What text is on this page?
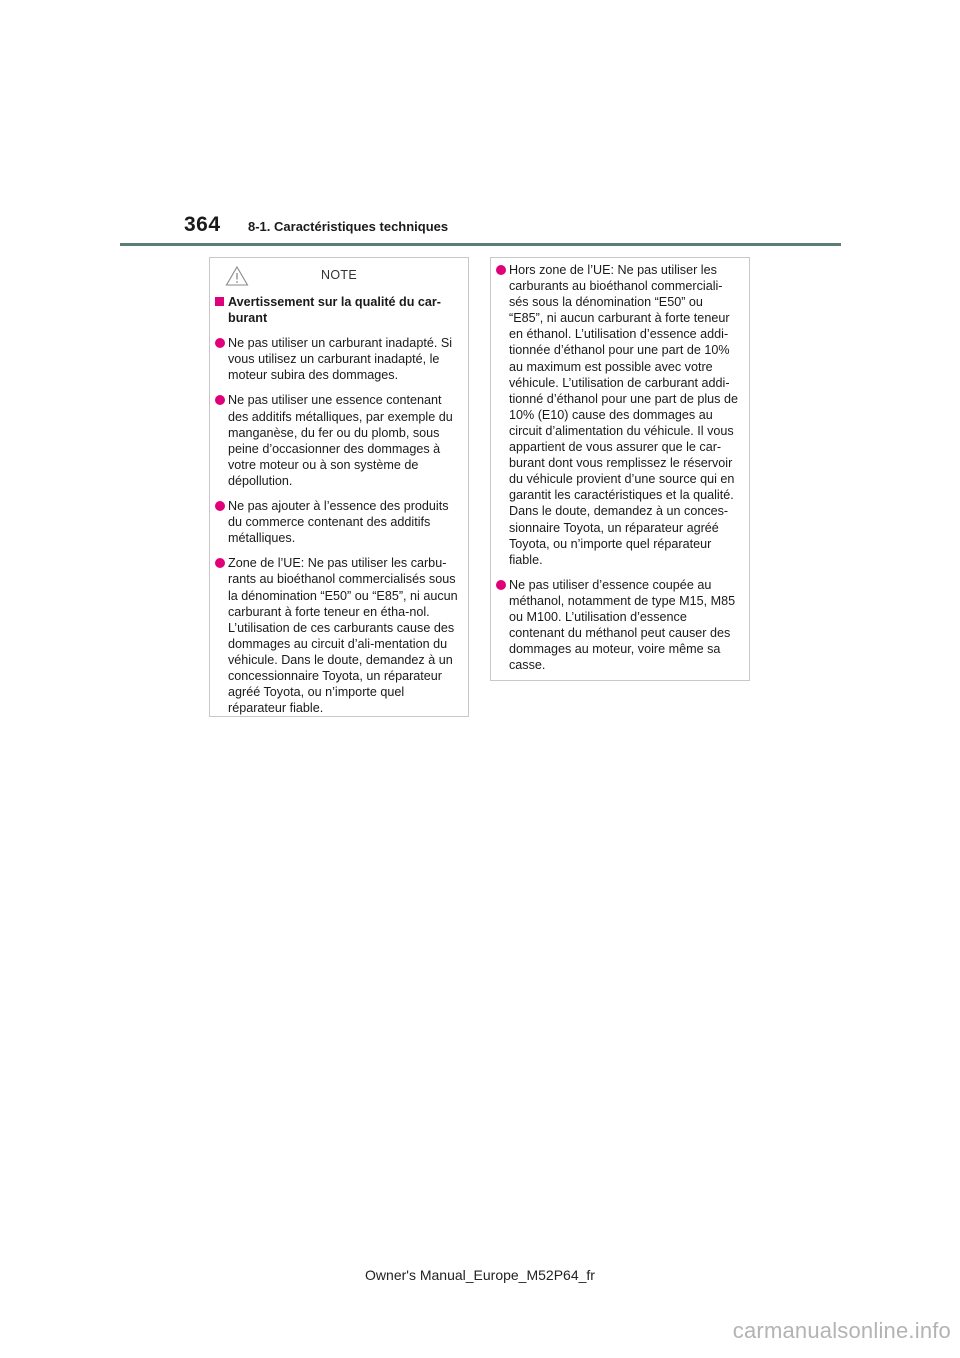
364 8-1. Caractéristiques techniques
NOTE
Avertissement sur la qualité du car-burant
Ne pas utiliser un carburant inadapté. Si vous utilisez un carburant inadapté, le moteur subira des dommages.
Ne pas utiliser une essence contenant des additifs métalliques, par exemple du manganèse, du fer ou du plomb, sous peine d’occasionner des dommages à votre moteur ou à son système de dépollution.
Ne pas ajouter à l’essence des produits du commerce contenant des additifs métalliques.
Zone de l’UE: Ne pas utiliser les carbu-rants au bioéthanol commercialisés sous la dénomination “E50” ou “E85”, ni aucun carburant à forte teneur en étha-nol. L’utilisation de ces carburants cause des dommages au circuit d’ali-mentation du véhicule. Dans le doute, demandez à un concessionnaire Toyota, un réparateur agréé Toyota, ou n’importe quel réparateur fiable.
Hors zone de l’UE: Ne pas utiliser les carburants au bioéthanol commerciali-sés sous la dénomination “E50” ou “E85”, ni aucun carburant à forte teneur en éthanol. L’utilisation d’essence addi-tionnée d’éthanol pour une part de 10% au maximum est possible avec votre véhicule. L’utilisation de carburant addi-tionné d’éthanol pour une part de plus de 10% (E10) cause des dommages au circuit d’alimentation du véhicule. Il vous appartient de vous assurer que le car-burant dont vous remplissez le réservoir du véhicule provient d’une source qui en garantit les caractéristiques et la qualité. Dans le doute, demandez à un conces-sionnaire Toyota, un réparateur agréé Toyota, ou n’importe quel réparateur fiable.
Ne pas utiliser d’essence coupée au méthanol, notamment de type M15, M85 ou M100. L’utilisation d’essence contenant du méthanol peut causer des dommages au moteur, voire même sa casse.
Owner's Manual_Europe_M52P64_fr
carmanualsonline.info
